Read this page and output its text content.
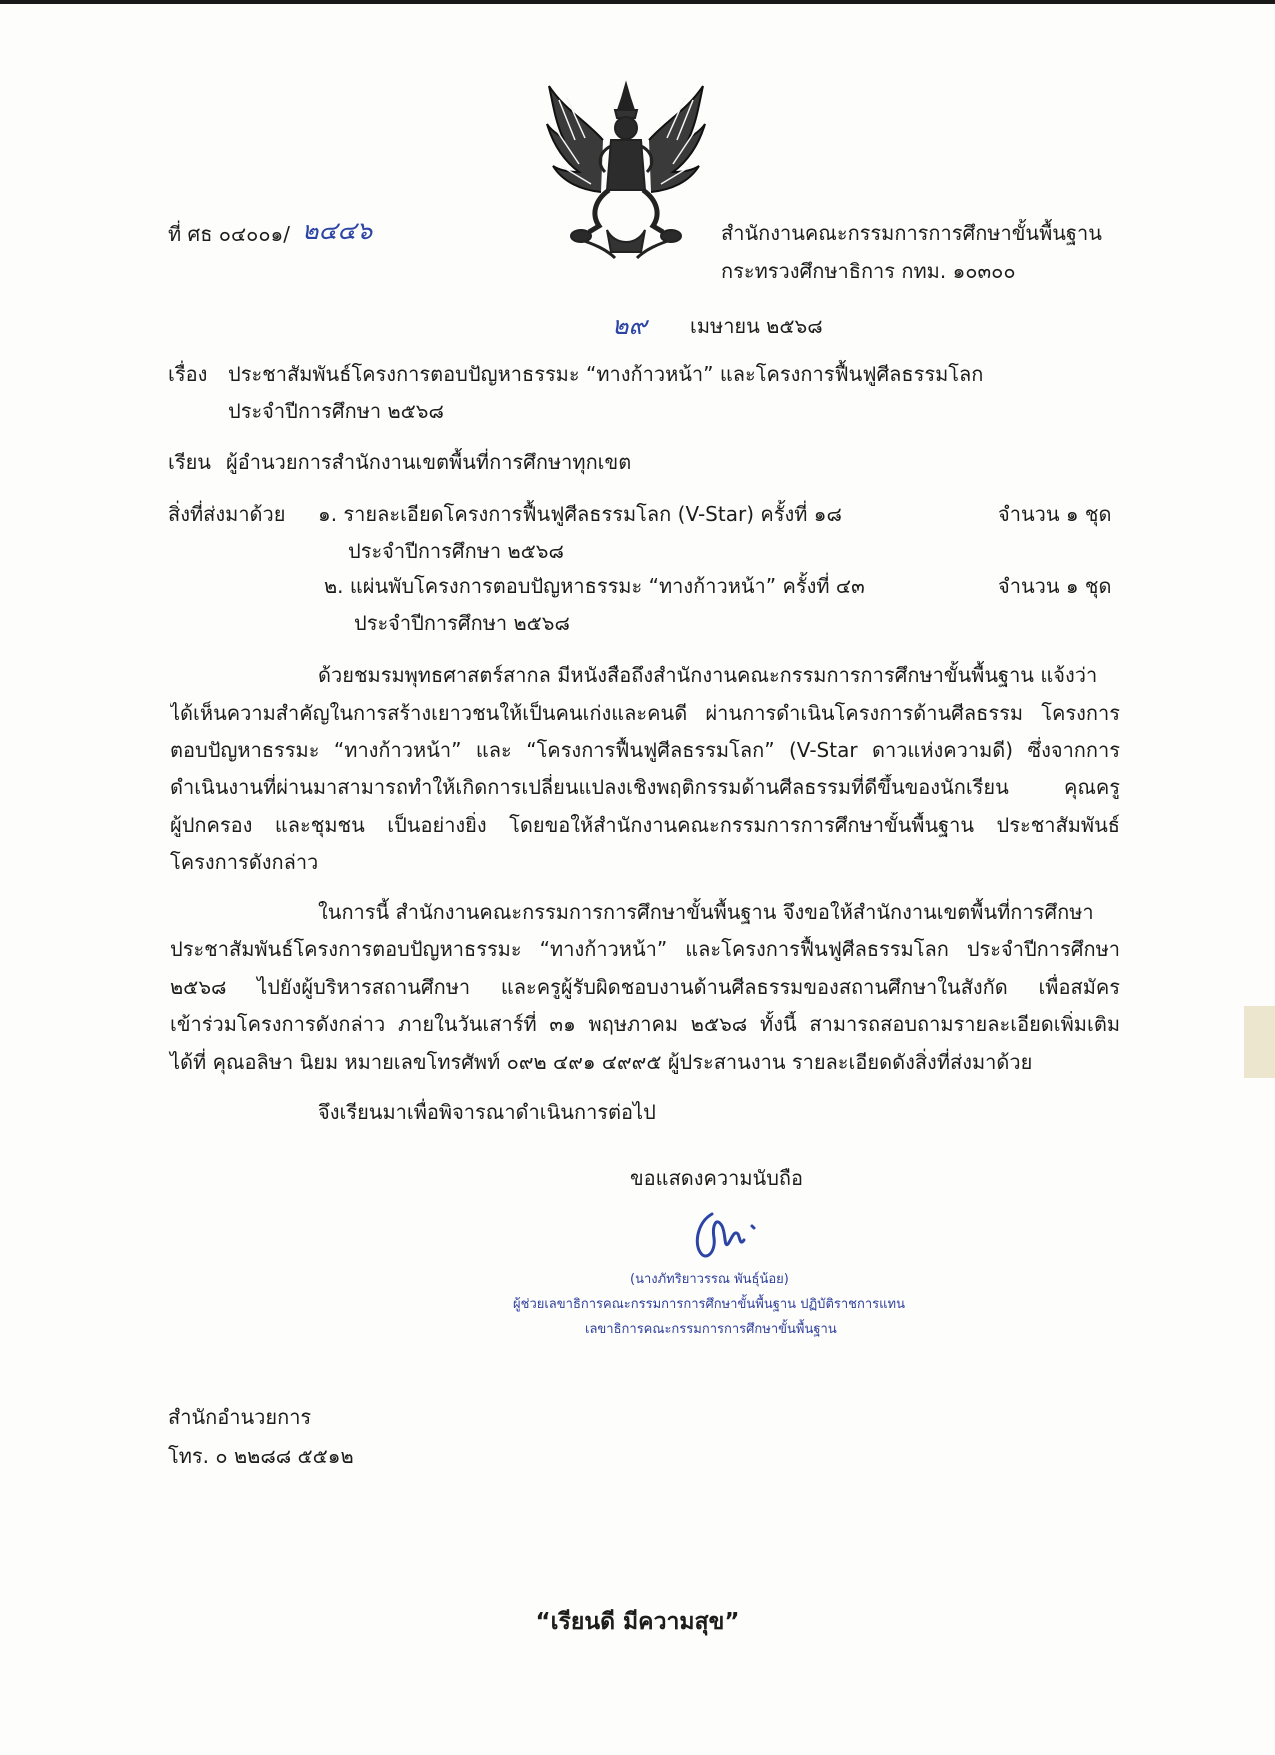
ที่ ศธ ๐๔๐๐๑/ ๒๔๔๖	สำนักงานคณะกรรมการการศึกษาขั้นพื้นฐาน
กระทรวงศึกษาธิการ กทม. ๑๐๓๐๐
๒๙ เมษายน ๒๕๖๘
เรื่อง ประชาสัมพันธ์โครงการตอบปัญหาธรรมะ “ทางก้าวหน้า” และโครงการฟื้นฟูศีลธรรมโลก
ประจำปีการศึกษา ๒๕๖๘
เรียน ผู้อำนวยการสำนักงานเขตพื้นที่การศึกษาทุกเขต
สิ่งที่ส่งมาด้วย ๑. รายละเอียดโครงการฟื้นฟูศีลธรรมโลก (V-Star) ครั้งที่ ๑๘
ประจำปีการศึกษา ๒๕๖๘
จำนวน ๑ ชุด
๒. แผ่นพับโครงการตอบปัญหาธรรมะ “ทางก้าวหน้า” ครั้งที่ ๔๓
ประจำปีการศึกษา ๒๕๖๘
จำนวน ๑ ชุด
ด้วยชมรมพุทธศาสตร์สากล มีหนังสือถึงสำนักงานคณะกรรมการการศึกษาขั้นพื้นฐาน แจ้งว่า
ได้เห็นความสำคัญในการสร้างเยาวชนให้เป็นคนเก่งและคนดี ผ่านการดำเนินโครงการด้านศีลธรรม โครงการ
ตอบปัญหาธรรมะ “ทางก้าวหน้า” และ “โครงการฟื้นฟูศีลธรรมโลก” (V-Star ดาวแห่งความดี) ซึ่งจากการ
ดำเนินงานที่ผ่านมาสามารถทำให้เกิดการเปลี่ยนแปลงเชิงพฤติกรรมด้านศีลธรรมที่ดีขึ้นของนักเรียน คุณครู
ผู้ปกครอง และชุมชน เป็นอย่างยิ่ง โดยขอให้สำนักงานคณะกรรมการการศึกษาขั้นพื้นฐาน ประชาสัมพันธ์
โครงการดังกล่าว
ในการนี้ สำนักงานคณะกรรมการการศึกษาขั้นพื้นฐาน จึงขอให้สำนักงานเขตพื้นที่การศึกษา
ประชาสัมพันธ์โครงการตอบปัญหาธรรมะ “ทางก้าวหน้า” และโครงการฟื้นฟูศีลธรรมโลก ประจำปีการศึกษา
๒๕๖๘ ไปยังผู้บริหารสถานศึกษา และครูผู้รับผิดชอบงานด้านศีลธรรมของสถานศึกษาในสังกัด เพื่อสมัคร
เข้าร่วมโครงการดังกล่าว ภายในวันเสาร์ที่ ๓๑ พฤษภาคม ๒๕๖๘ ทั้งนี้ สามารถสอบถามรายละเอียดเพิ่มเติม
ได้ที่ คุณอลิษา นิยม หมายเลขโทรศัพท์ ๐๙๒ ๔๙๑ ๔๙๙๕ ผู้ประสานงาน รายละเอียดดังสิ่งที่ส่งมาด้วย
จึงเรียนมาเพื่อพิจารณาดำเนินการต่อไป
ขอแสดงความนับถือ
(นางภัทริยาวรรณ พันธุ์น้อย)
ผู้ช่วยเลขาธิการคณะกรรมการการศึกษาขั้นพื้นฐาน ปฏิบัติราชการแทน
เลขาธิการคณะกรรมการการศึกษาขั้นพื้นฐาน
สำนักอำนวยการ
โทร. ๐ ๒๒๘๘ ๕๕๑๒
“เรียนดี มีความสุข”
